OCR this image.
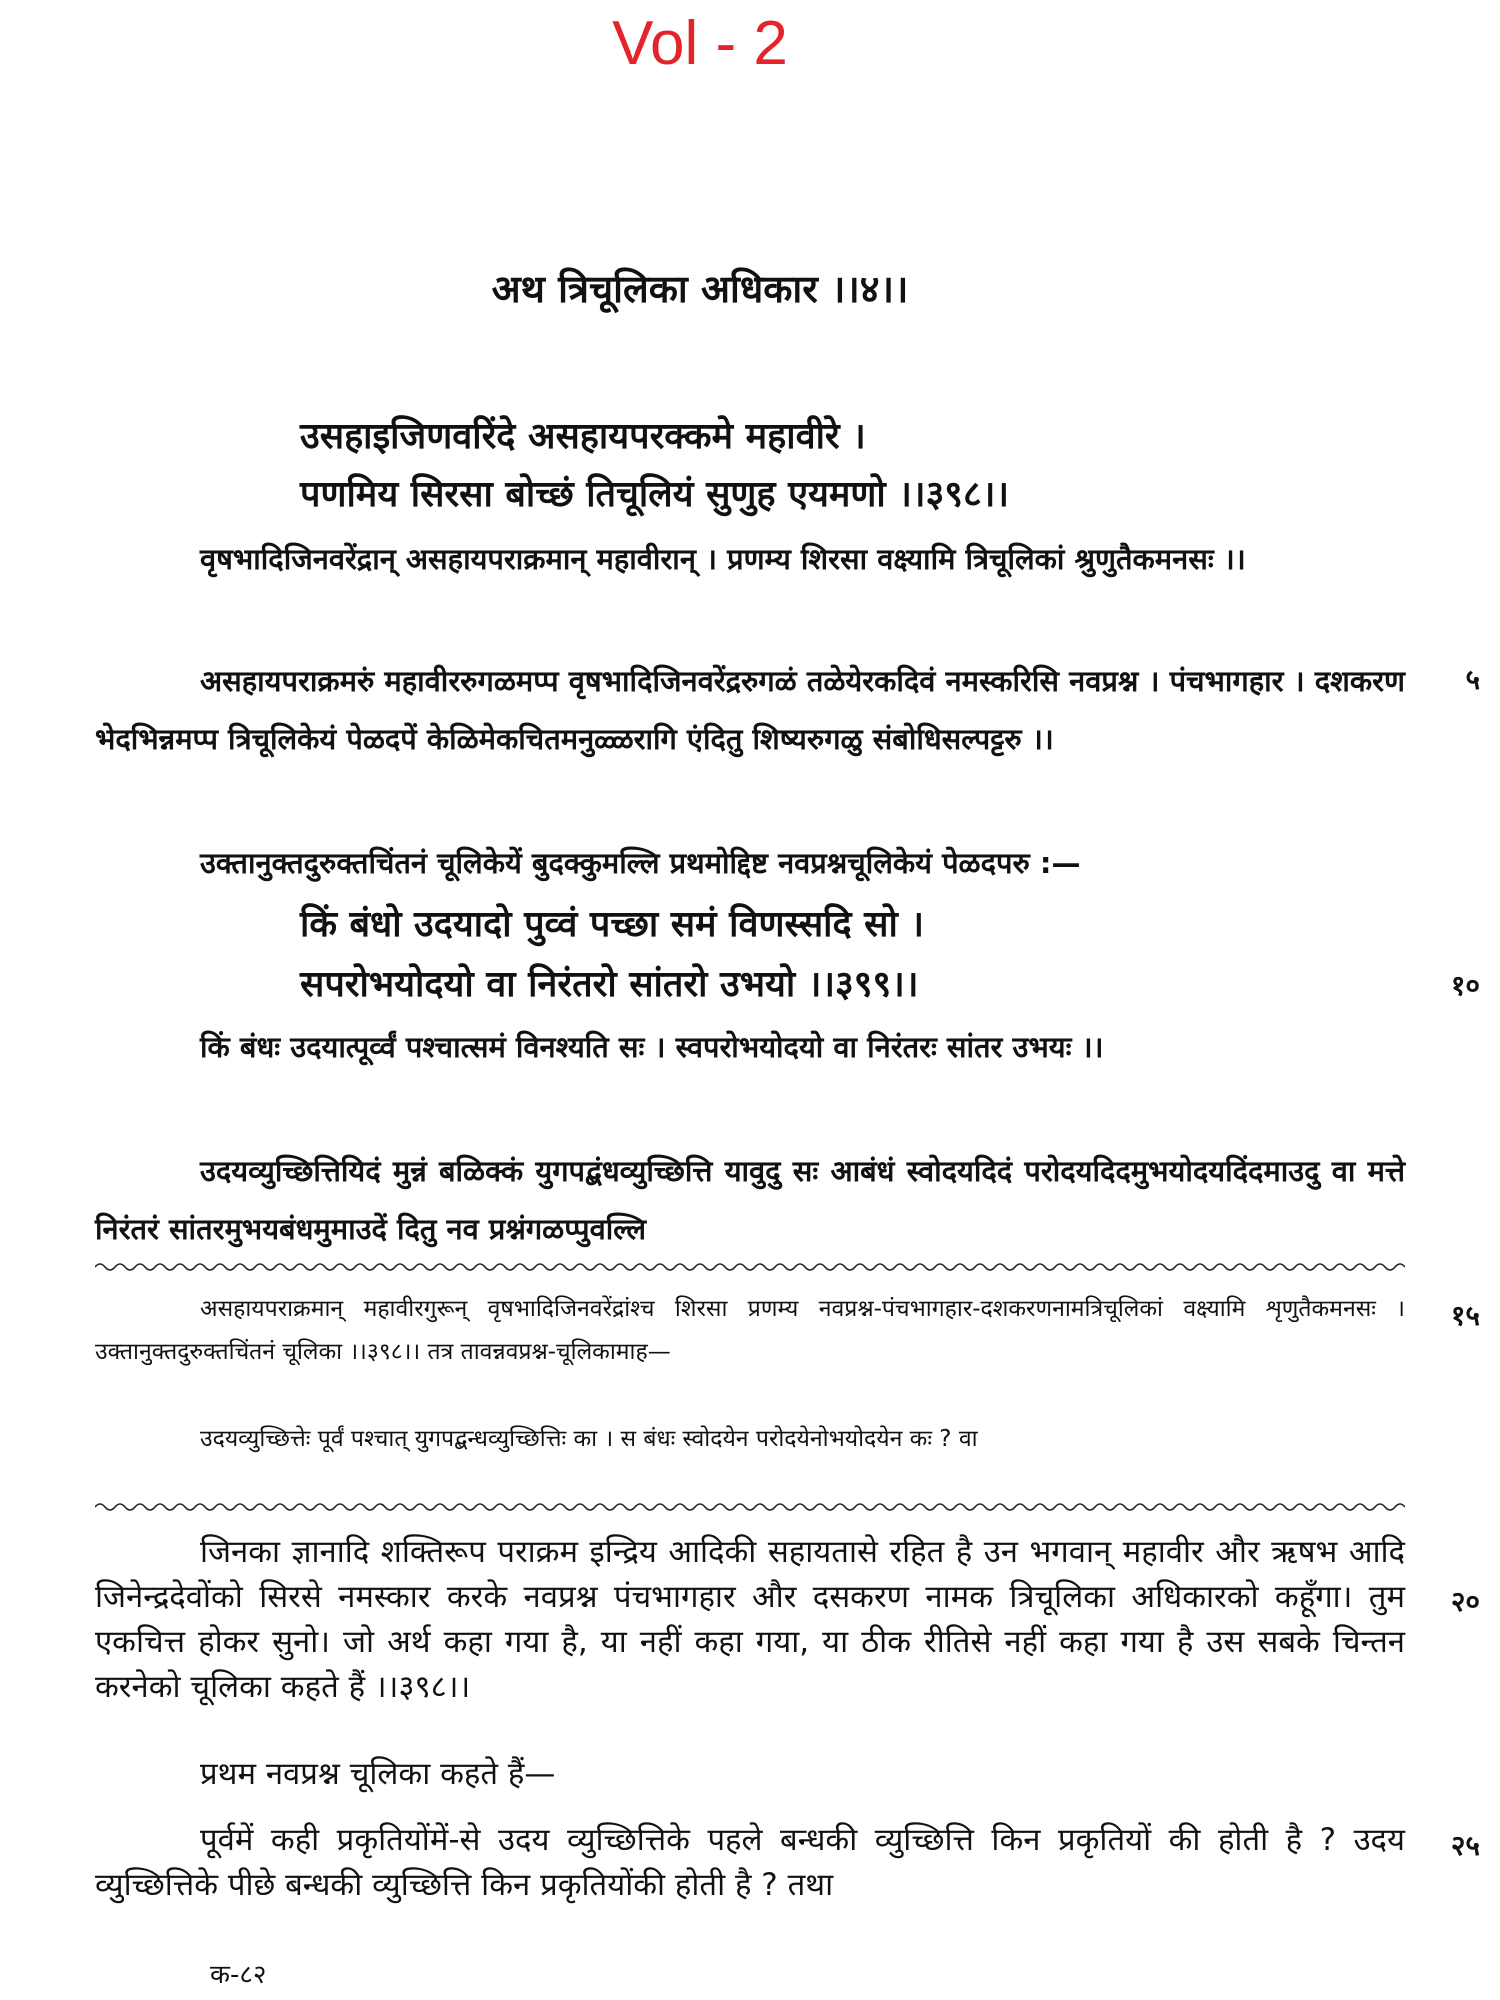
Vol - 2
अथ त्रिचूलिका अधिकार ।।४।।
उसहाइजिणवरिंदे असहायपरक्कमे महावीरे ।
पणमिय सिरसा बोच्छं तिचूलियं सुणुह एयमणो ।।३९८।।
वृषभादिजिनवरेंद्रान् असहायपराक्रमान् महावीरान् । प्रणम्य शिरसा वक्ष्यामि त्रिचूलिकां श्रुणुतैकमनसः ।।
असहायपराक्रमरुं महावीररुगळमप्प वृषभादिजिनवरेंद्ररुगळं तळेयेरकदिवं नमस्करिसि नवप्रश्न । पंचभागहार । दशकरण भेदभिन्नमप्प त्रिचूलिकेयं पेळदपें केळिमेकचितमनुळ्ळरागि एंदितु शिष्यरुगळु संबोधिसल्पट्टरु ।।
५
उक्तानुक्तदुरुक्तचिंतनं चूलिकेयें बुदक्कुमल्लि प्रथमोद्दिष्ट नवप्रश्नचूलिकेयं पेळदपरु :—
किं बंधो उदयादो पुव्वं पच्छा समं विणस्सदि सो ।
सपरोभयोदयो वा निरंतरो सांतरो उभयो ।।३९९।।	१०
किं बंधः उदयात्पूर्व्वं पश्चात्समं विनश्यति सः । स्वपरोभयोदयो वा निरंतरः सांतर उभयः ।।
उदयव्युच्छित्तियिदं मुन्नं बळिक्कं युगपद्बंधव्युच्छित्ति यावुदु सः आबंधं स्वोदयदिदं परोदयदिदमुभयोदयदिंदमाउदु वा मत्ते निरंतरं सांतरमुभयबंधमुमाउदें दितु नव प्रश्नंगळप्पुवल्लि
असहायपराक्रमान् महावीरगुरून् वृषभादिजिनवरेंद्रांश्च शिरसा प्रणम्य नवप्रश्न-पंचभागहार-दशकरणनामत्रिचूलिकां वक्ष्यामि शृणुतैकमनसः । उक्तानुक्तदुरुक्तचिंतनं चूलिका ।।३९८।। तत्र तावन्नवप्रश्न-चूलिकामाह—
१५
उदयव्युच्छित्तेः पूर्वं पश्चात् युगपद्बन्धव्युच्छित्तिः का । स बंधः स्वोदयेन परोदयेनोभयोदयेन कः ? वा
जिनका ज्ञानादि शक्तिरूप पराक्रम इन्द्रिय आदिकी सहायतासे रहित है उन भगवान् महावीर और ऋषभ आदि जिनेन्द्रदेवोंको सिरसे नमस्कार करके नवप्रश्न पंचभागहार और दसकरण नामक त्रिचूलिका अधिकारको कहूँगा। तुम एकचित्त होकर सुनो। जो अर्थ कहा गया है, या नहीं कहा गया, या ठीक रीतिसे नहीं कहा गया है उस सबके चिन्तन करनेको चूलिका कहते हैं ।।३९८।।
२०
प्रथम नवप्रश्न चूलिका कहते हैं—
पूर्वमें कही प्रकृतियोंमें-से उदय व्युच्छित्तिके पहले बन्धकी व्युच्छित्ति किन प्रकृतियों की होती है ? उदय व्युच्छित्तिके पीछे बन्धकी व्युच्छित्ति किन प्रकृतियोंकी होती है ? तथा
२५
क-८२
